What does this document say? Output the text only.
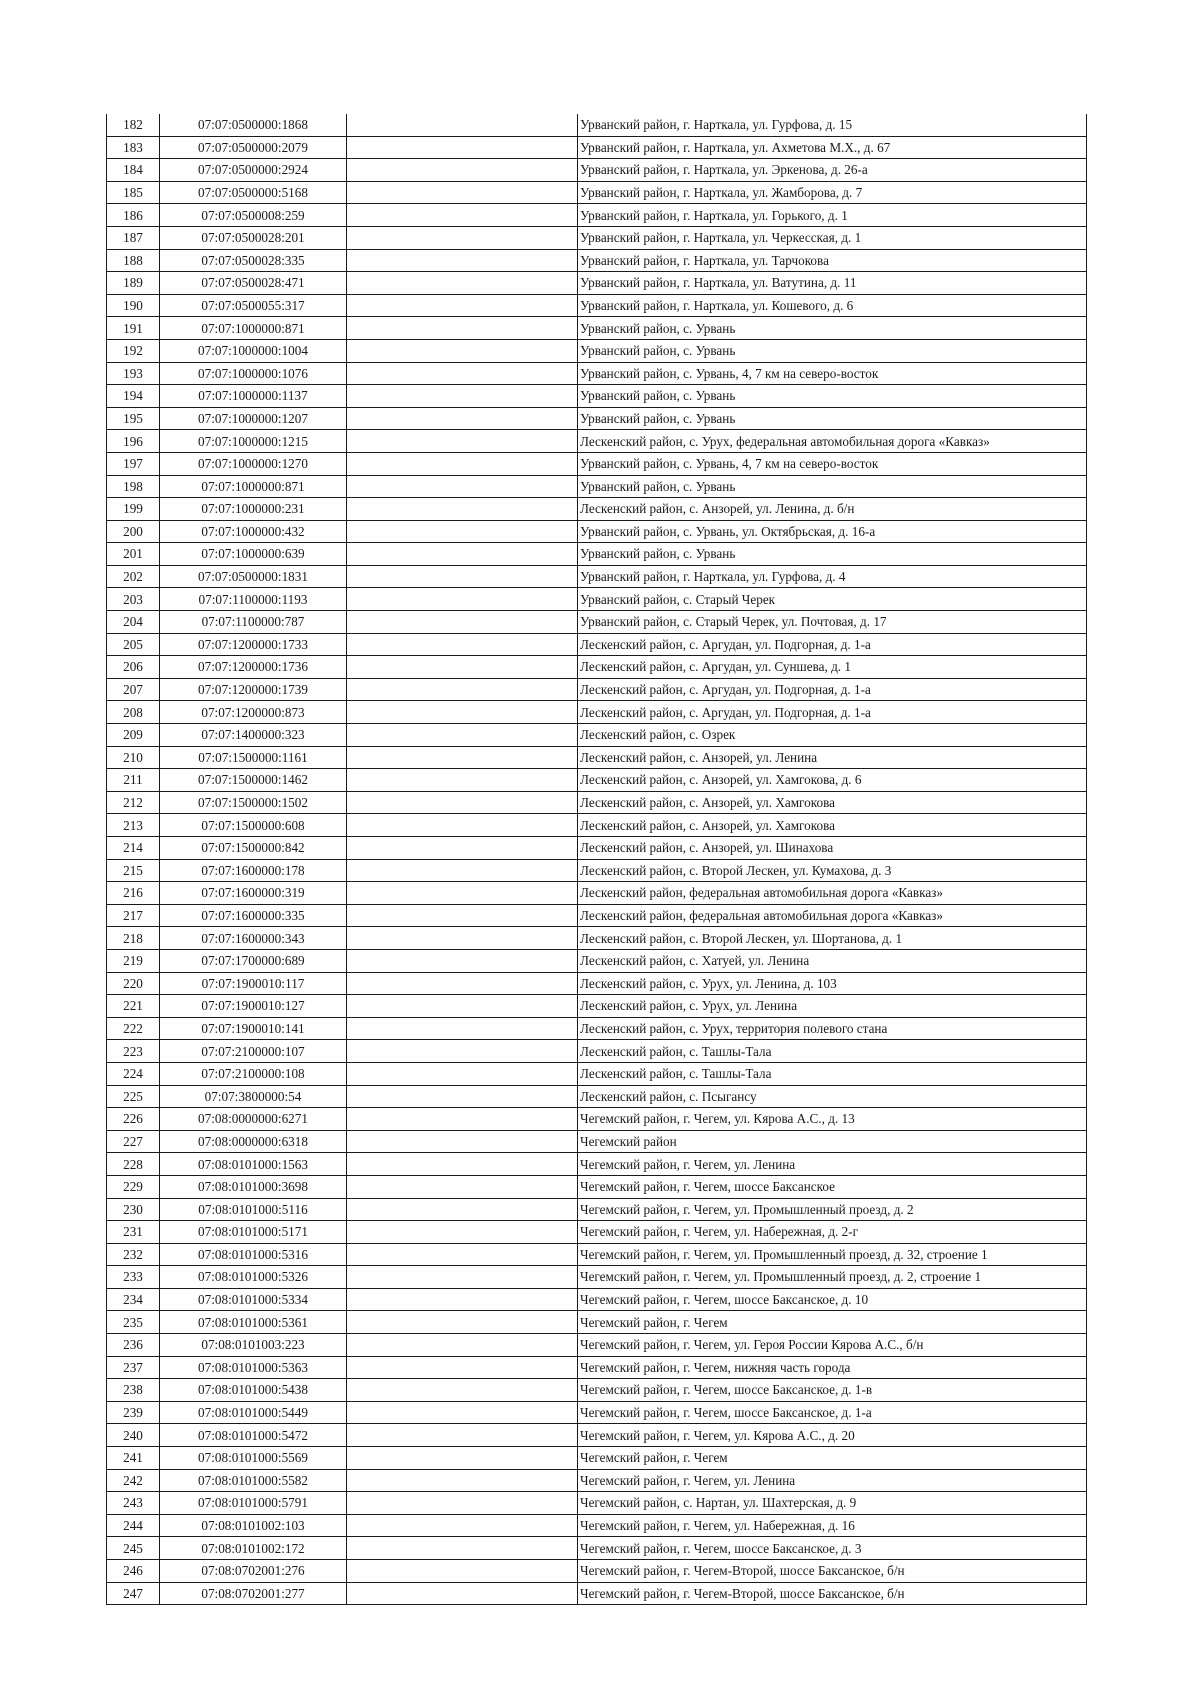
182	07:07:0500000:1868		Урванский район, г. Нарткала, ул. Гурфова, д. 15
183	07:07:0500000:2079		Урванский район, г. Нарткала, ул. Ахметова М.Х., д. 67
184	07:07:0500000:2924		Урванский район, г. Нарткала, ул. Эркенова, д. 26-а
185	07:07:0500000:5168		Урванский район, г. Нарткала, ул. Жамборова, д. 7
186	07:07:0500008:259		Урванский район, г. Нарткала, ул. Горького, д. 1
187	07:07:0500028:201		Урванский район, г. Нарткала, ул. Черкесская, д. 1
188	07:07:0500028:335		Урванский район, г. Нарткала, ул. Тарчокова
189	07:07:0500028:471		Урванский район, г. Нарткала, ул. Ватутина, д. 11
190	07:07:0500055:317		Урванский район, г. Нарткала, ул. Кошевого, д. 6
191	07:07:1000000:871		Урванский район, с. Урвань
192	07:07:1000000:1004		Урванский район, с. Урвань
193	07:07:1000000:1076		Урванский район, с. Урвань, 4, 7 км на северо-восток
194	07:07:1000000:1137		Урванский район, с. Урвань
195	07:07:1000000:1207		Урванский район, с. Урвань
196	07:07:1000000:1215		Лескенский район, с. Урух, федеральная автомобильная дорога «Кавказ»
197	07:07:1000000:1270		Урванский район, с. Урвань, 4, 7 км на северо-восток
198	07:07:1000000:871		Урванский район, с. Урвань
199	07:07:1000000:231		Лескенский район, с. Анзорей, ул. Ленина, д. б/н
200	07:07:1000000:432		Урванский район, с. Урвань, ул. Октябрьская, д. 16-а
201	07:07:1000000:639		Урванский район, с. Урвань
202	07:07:0500000:1831		Урванский район, г. Нарткала, ул. Гурфова, д. 4
203	07:07:1100000:1193		Урванский район, с. Старый Черек
204	07:07:1100000:787		Урванский район, с. Старый Черек, ул. Почтовая, д. 17
205	07:07:1200000:1733		Лескенский район, с. Аргудан, ул. Подгорная, д. 1-а
206	07:07:1200000:1736		Лескенский район, с. Аргудан, ул. Суншева, д. 1
207	07:07:1200000:1739		Лескенский район, с. Аргудан, ул. Подгорная, д. 1-а
208	07:07:1200000:873		Лескенский район, с. Аргудан, ул. Подгорная, д. 1-а
209	07:07:1400000:323		Лескенский район, с. Озрек
210	07:07:1500000:1161		Лескенский район, с. Анзорей, ул. Ленина
211	07:07:1500000:1462		Лескенский район, с. Анзорей, ул. Хамгокова, д. 6
212	07:07:1500000:1502		Лескенский район, с. Анзорей, ул. Хамгокова
213	07:07:1500000:608		Лескенский район, с. Анзорей, ул. Хамгокова
214	07:07:1500000:842		Лескенский район, с. Анзорей, ул. Шинахова
215	07:07:1600000:178		Лескенский район, с. Второй Лескен, ул. Кумахова, д. 3
216	07:07:1600000:319		Лескенский район, федеральная автомобильная дорога «Кавказ»
217	07:07:1600000:335		Лескенский район, федеральная автомобильная дорога «Кавказ»
218	07:07:1600000:343		Лескенский район, с. Второй Лескен, ул. Шортанова, д. 1
219	07:07:1700000:689		Лескенский район, с. Хатуей, ул. Ленина
220	07:07:1900010:117		Лескенский район, с. Урух, ул. Ленина, д. 103
221	07:07:1900010:127		Лескенский район, с. Урух, ул. Ленина
222	07:07:1900010:141		Лескенский район, с. Урух, территория полевого стана
223	07:07:2100000:107		Лескенский район, с. Ташлы-Тала
224	07:07:2100000:108		Лескенский район, с. Ташлы-Тала
225	07:07:3800000:54		Лескенский район, с. Псыгансу
226	07:08:0000000:6271		Чегемский район, г. Чегем, ул. Кярова А.С., д. 13
227	07:08:0000000:6318		Чегемский район
228	07:08:0101000:1563		Чегемский район, г. Чегем, ул. Ленина
229	07:08:0101000:3698		Чегемский район, г. Чегем, шоссе Баксанское
230	07:08:0101000:5116		Чегемский район, г. Чегем, ул. Промышленный проезд, д. 2
231	07:08:0101000:5171		Чегемский район, г. Чегем, ул. Набережная, д. 2-г
232	07:08:0101000:5316		Чегемский район, г. Чегем, ул. Промышленный проезд, д. 32, строение 1
233	07:08:0101000:5326		Чегемский район, г. Чегем, ул. Промышленный проезд, д. 2, строение 1
234	07:08:0101000:5334		Чегемский район, г. Чегем, шоссе Баксанское, д. 10
235	07:08:0101000:5361		Чегемский район, г. Чегем
236	07:08:0101003:223		Чегемский район, г. Чегем, ул. Героя России Кярова А.С., б/н
237	07:08:0101000:5363		Чегемский район, г. Чегем, нижняя часть города
238	07:08:0101000:5438		Чегемский район, г. Чегем, шоссе Баксанское, д. 1-в
239	07:08:0101000:5449		Чегемский район, г. Чегем, шоссе Баксанское, д. 1-а
240	07:08:0101000:5472		Чегемский район, г. Чегем, ул. Кярова А.С., д. 20
241	07:08:0101000:5569		Чегемский район, г. Чегем
242	07:08:0101000:5582		Чегемский район, г. Чегем, ул. Ленина
243	07:08:0101000:5791		Чегемский район, с. Нартан, ул. Шахтерская, д. 9
244	07:08:0101002:103		Чегемский район, г. Чегем, ул. Набережная, д. 16
245	07:08:0101002:172		Чегемский район, г. Чегем, шоссе Баксанское, д. 3
246	07:08:0702001:276		Чегемский район, г. Чегем-Второй, шоссе Баксанское, б/н
247	07:08:0702001:277		Чегемский район, г. Чегем-Второй, шоссе Баксанское, б/н
